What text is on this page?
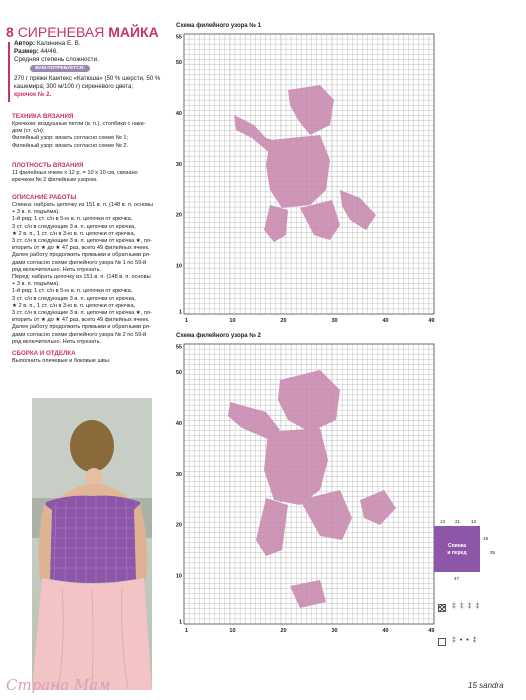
8 СИРЕНЕВАЯ МАЙКА
Автор: Калинина Е. В.
Размер: 44/46.
Средняя степень сложности.
ВАМ ПОТРЕБУЕТСЯ:
270 г пряжи Камтекс «Катюша» (50 % шерсти, 50 %
кашемира; 300 м/100 г) сиреневого цвета;
крючок № 2.
ТЕХНИКА ВЯЗАНИЯ
Крючком: воздушные петли (в. п.), столбики с наки-
дом (ст. с/н);
Филейный узор: вязать согласно схеме № 1;
Филейный узор: вязать согласно схеме № 2.
ПЛОТНОСТЬ ВЯЗАНИЯ
11 филейных ячеек х 12 р. = 10 х 10 см, связано
крючком № 2 филейным узором.
ОПИСАНИЕ РАБОТЫ
Спинка: набрать цепочку из 151 в. п. (148 в. п. основы
+ 3 в. п. подъёма).
1-й ряд: 1 ст. с/н в 5-ю в. п. цепочки от крючка,
3 ст. с/н в следующие 3 в. п. цепочки от крючка,
★ 2 в. п., 1 ст. с/н в 3-ю в. п. цепочки от крючка,
3 ст. с/н в следующие 3 в. п. цепочки от крючка ★, по-
вторить от ★ до ★ 47 раз, всего 49 филейных ячеек.
Далее работу продолжить прямыми и обратными ря-
дами согласно схеме филейного узора № 1 по 59-й
ряд включительно. Нить отрезать.
Перед: набрать цепочку из 151 в. п. (148 в. п. основы
+ 3 в. п. подъёма).
1-й ряд: 1 ст. с/н в 5-ю в. п. цепочки от крючка,
3 ст. с/н в следующие 3 в. п. цепочки от крючка,
★ 2 в. п., 1 ст. с/н в 3-ю в. п. цепочки от крючка,
3 ст. с/н в следующие 3 в. п. цепочки от крючка ★, по-
вторить от ★ до ★ 47 раз, всего 49 филейных ячеек.
Далее работу продолжить прямыми и обратными ря-
дами согласно схеме филейного узора № 2 по 59-й
ряд включительно. Нить отрезать.
СБОРКА И ОТДЕЛКА
Выполнить плечевые и боковые швы.
Схема филейного узора № 1
55
50
40
30
20
10
1
1	10	20	30	40	49
Схема филейного узора № 2
55
50
40
30
20
10
1
1	10	20	30	40	49
Спинка
и перед
13 21 13
18
35
47
‡ ‡ ‡ ‡
‡ • • ‡
Страна Мам	15 sandra
